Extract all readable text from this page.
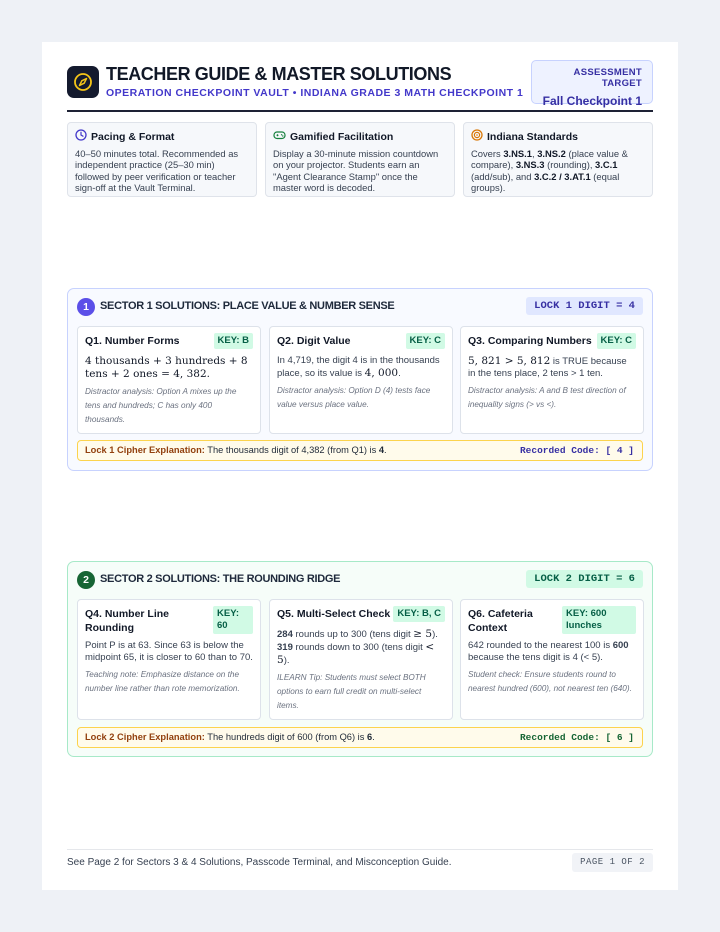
TEACHER GUIDE & MASTER SOLUTIONS
OPERATION CHECKPOINT VAULT • INDIANA GRADE 3 MATH CHECKPOINT 1
ASSESSMENT TARGET
Fall Checkpoint 1
Pacing & Format
40–50 minutes total. Recommended as independent practice (25–30 min) followed by peer verification or teacher sign-off at the Vault Terminal.
Gamified Facilitation
Display a 30-minute mission countdown on your projector. Students earn an "Agent Clearance Stamp" once the master word is decoded.
Indiana Standards
Covers 3.NS.1, 3.NS.2 (place value & compare), 3.NS.3 (rounding), 3.C.1 (add/sub), and 3.C.2 / 3.AT.1 (equal groups).
1	SECTOR 1 SOLUTIONS: PLACE VALUE & NUMBER SENSE	LOCK 1 DIGIT = 4
Q1. Number Forms	KEY: B
4 thousands + 3 hundreds + 8 tens + 2 ones = 4, 382.
Distractor analysis: Option A mixes up the tens and hundreds; C has only 400 thousands.
Q2. Digit Value	KEY: C
In 4,719, the digit 4 is in the thousands place, so its value is 4, 000.
Distractor analysis: Option D (4) tests face value versus place value.
Q3. Comparing Numbers KEY: C
5, 821 > 5, 812 is TRUE because in the tens place, 2 tens > 1 ten.
Distractor analysis: A and B test direction of inequality signs (> vs <).
Lock 1 Cipher Explanation: The thousands digit of 4,382 (from Q1) is 4.	Recorded Code: [ 4 ]
2	SECTOR 2 SOLUTIONS: THE ROUNDING RIDGE	LOCK 2 DIGIT = 6
Q4. Number Line Rounding
KEY: 60
Point P is at 63. Since 63 is below the midpoint 65, it is closer to 60 than to 70.
Teaching note: Emphasize distance on the number line rather than rote memorization.
Q5. Multi-Select Check KEY: B, C
284 rounds up to 300 (tens digit ≥ 5).
319 rounds down to 300 (tens digit < 5).
ILEARN Tip: Students must select BOTH options to earn full credit on multi-select items.
Q6. Cafeteria Context
KEY: 600 lunches
642 rounded to the nearest 100 is 600 because the tens digit is 4 (< 5).
Student check: Ensure students round to nearest hundred (600), not nearest ten (640).
Lock 2 Cipher Explanation: The hundreds digit of 600 (from Q6) is 6.	Recorded Code: [ 6 ]
See Page 2 for Sectors 3 & 4 Solutions, Passcode Terminal, and Misconception Guide.	PAGE 1 OF 2
